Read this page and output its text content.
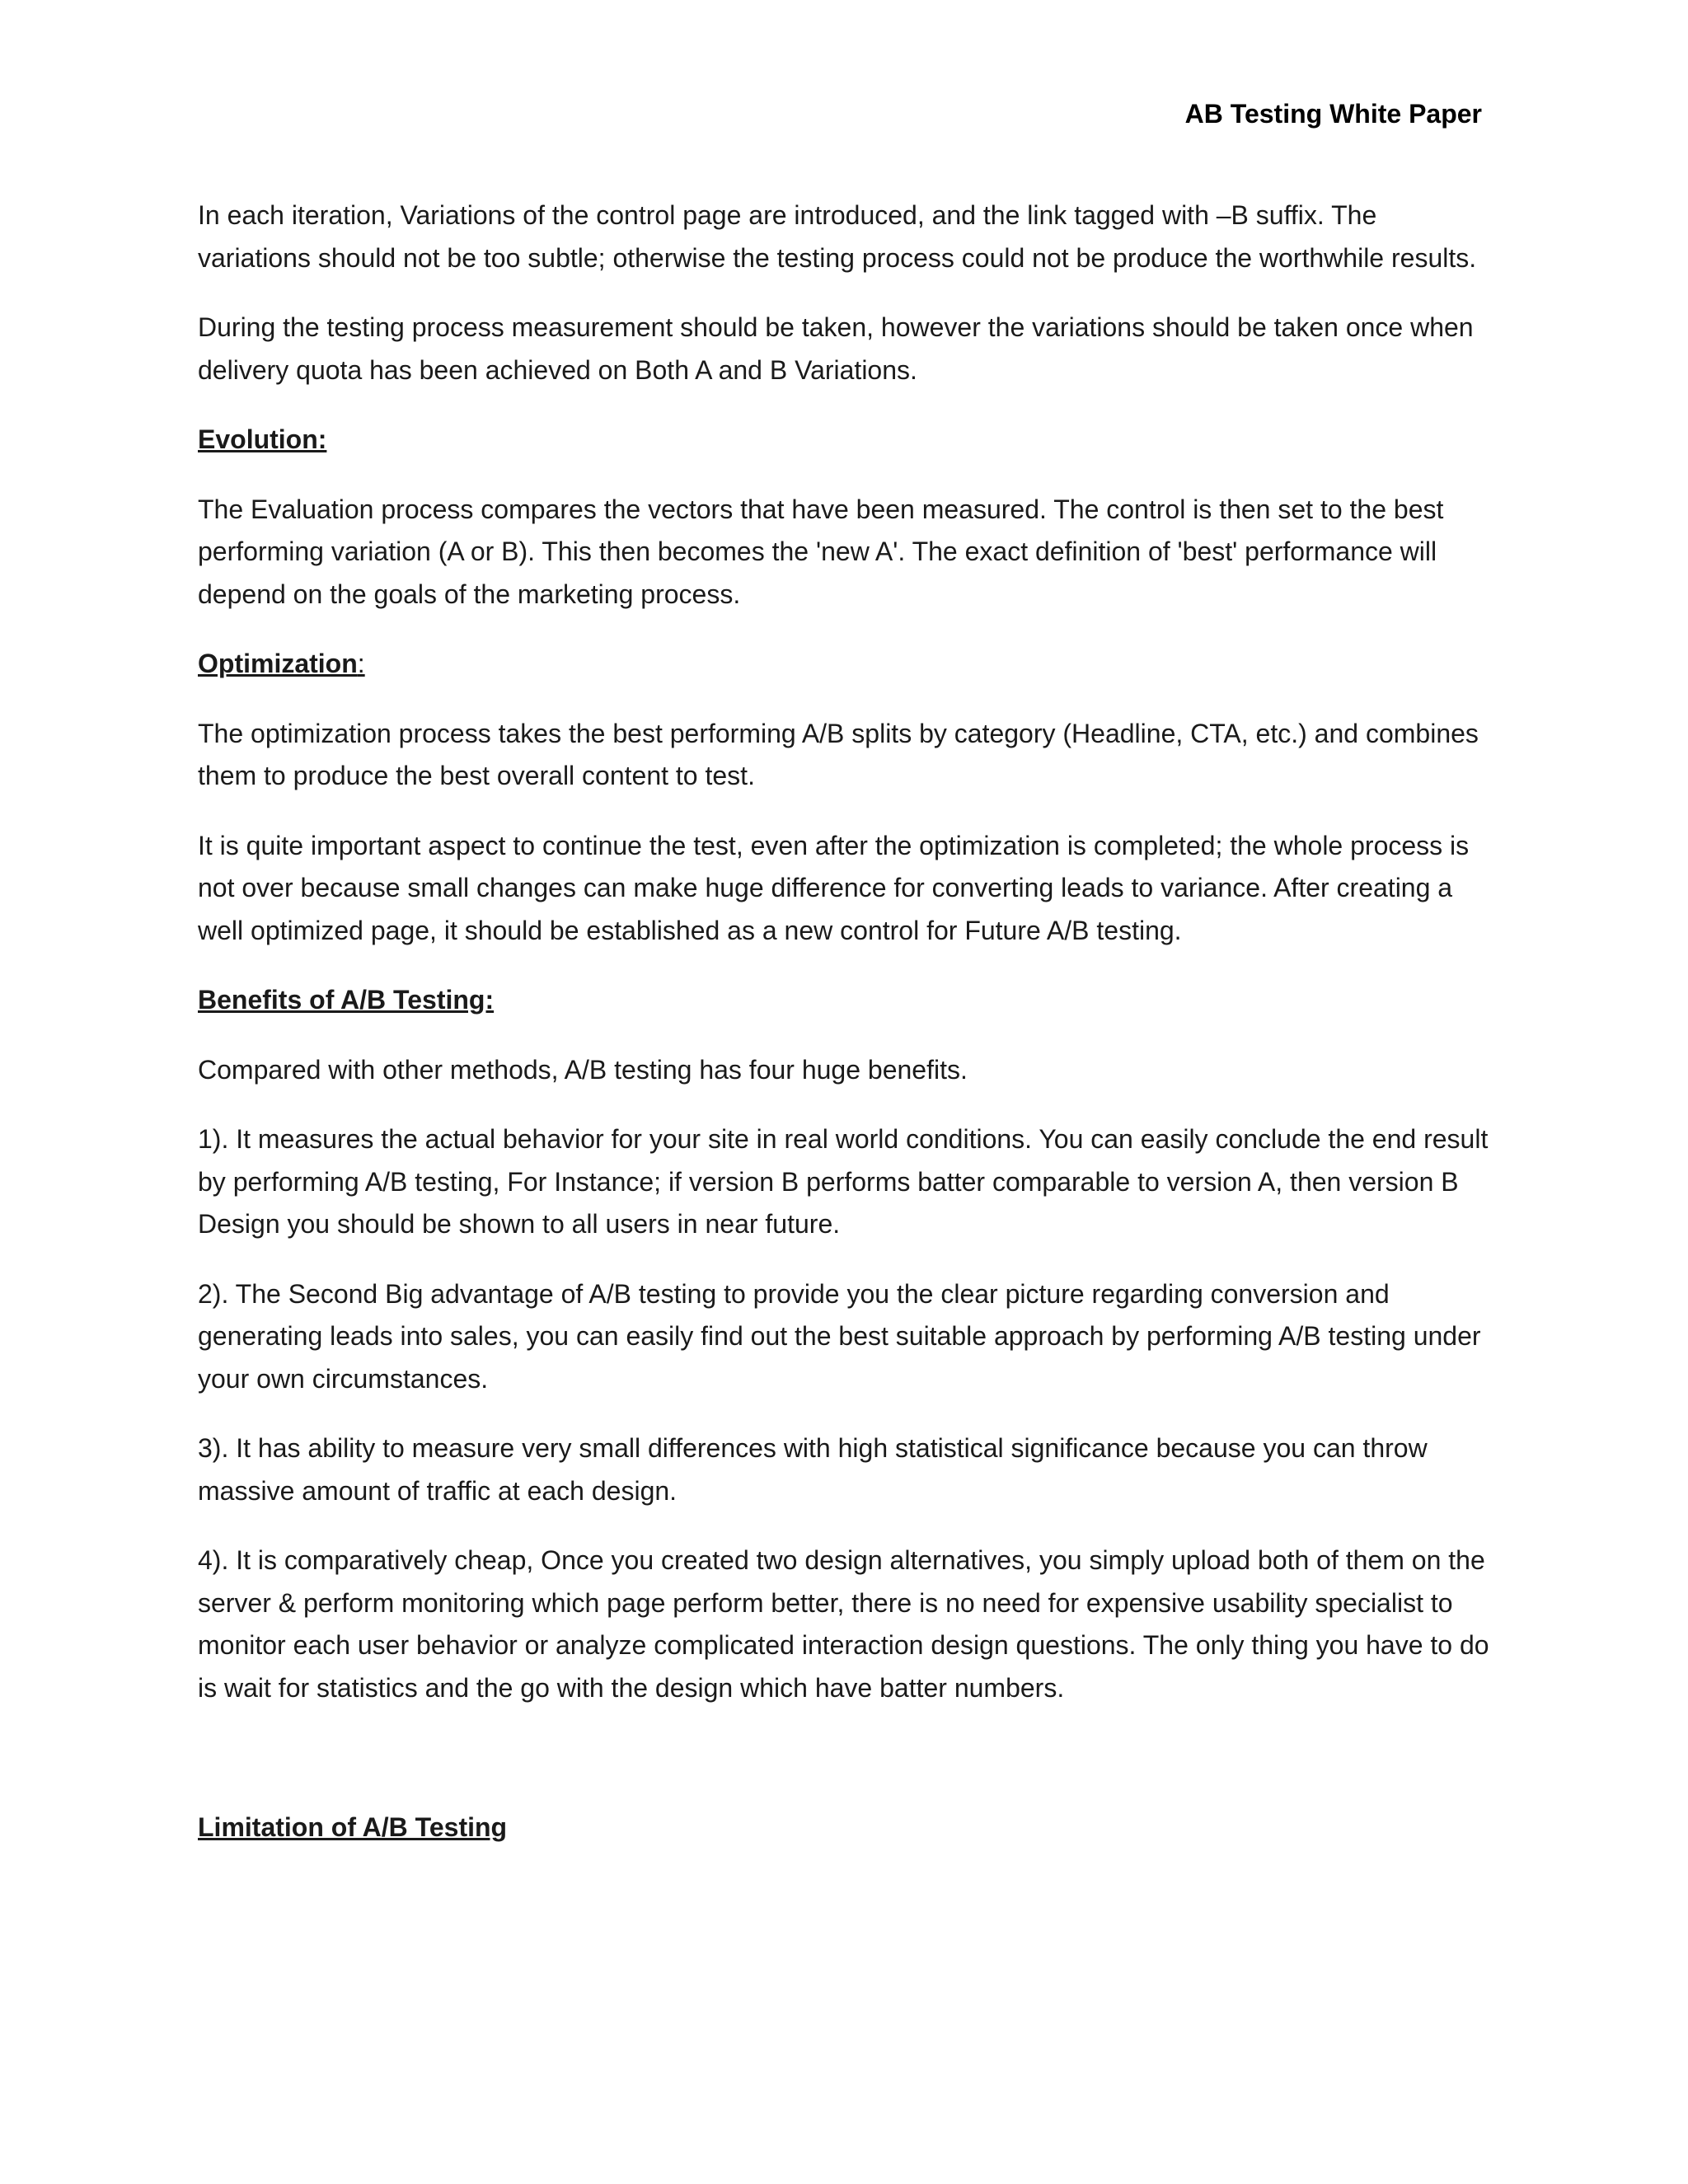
AB Testing White Paper

In each iteration, Variations of the control page are introduced, and the link tagged with –B suffix. The variations should not be too subtle; otherwise the testing process could not be produce the worthwhile results.

During the testing process measurement should be taken, however the variations should be taken once when delivery quota has been achieved on Both A and B Variations.

Evolution:

The Evaluation process compares the vectors that have been measured. The control is then set to the best performing variation (A or B). This then becomes the 'new A'. The exact definition of 'best' performance will depend on the goals of the marketing process.

Optimization:

The optimization process takes the best performing A/B splits by category (Headline, CTA, etc.) and combines them to produce the best overall content to test.

It is quite important aspect to continue the test, even after the optimization is completed; the whole process is not over because small changes can make huge difference for converting leads to variance. After creating a well optimized page, it should be established as a new control for Future A/B testing.

Benefits of A/B Testing:

Compared with other methods, A/B testing has four huge benefits.

1). It measures the actual behavior for your site in real world conditions. You can easily conclude the end result by performing A/B testing, For Instance; if version B performs batter comparable to version A, then version B Design you should be shown to all users in near future.

2). The Second Big advantage of A/B testing to provide you the clear picture regarding conversion and generating leads into sales, you can easily find out the best suitable approach by performing A/B testing under your own circumstances.

3). It has ability to measure very small differences with high statistical significance because you can throw massive amount of traffic at each design.

4). It is comparatively cheap, Once you created two design alternatives, you simply upload both of them on the server & perform monitoring which page perform better, there is no need for expensive usability specialist to monitor each user behavior or analyze complicated interaction design questions. The only thing you have to do is wait for statistics and the go with the design which have batter numbers.

Limitation of A/B Testing
